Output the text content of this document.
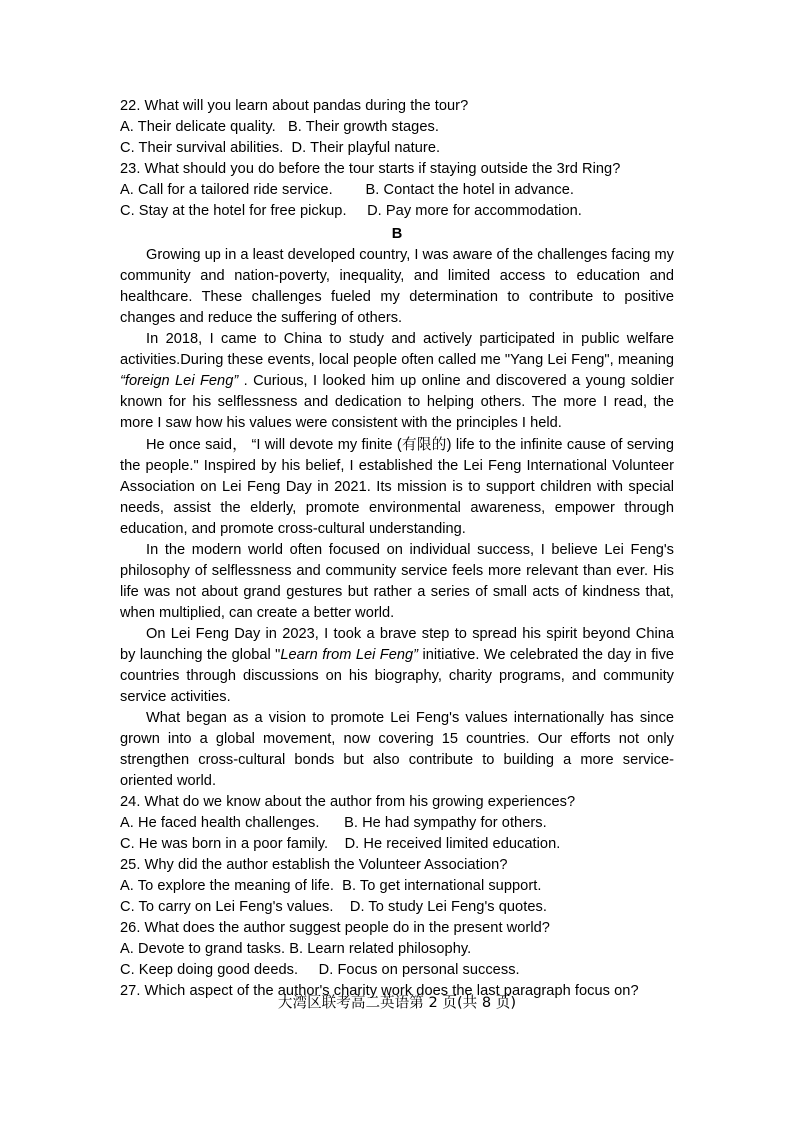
22. What will you learn about pandas during the tour?
A. Their delicate quality.   B. Their growth stages.
C. Their survival abilities.  D. Their playful nature.
23. What should you do before the tour starts if staying outside the 3rd Ring?
A. Call for a tailored ride service.        B. Contact the hotel in advance.
C. Stay at the hotel for free pickup.     D. Pay more for accommodation.
B

Growing up in a least developed country, I was aware of the challenges facing my community and nation-poverty, inequality, and limited access to education and healthcare. These challenges fueled my determination to contribute to positive changes and reduce the suffering of others.

In 2018, I came to China to study and actively participated in public welfare activities.During these events, local people often called me "Yang Lei Feng", meaning “foreign Lei Feng” . Curious, I looked him up online and discovered a young soldier known for his selflessness and dedication to helping others. The more I read, the more I saw how his values were consistent with the principles I held.

He once said， “I will devote my finite (有限的) life to the infinite cause of serving the people." Inspired by his belief, I established the Lei Feng International Volunteer Association on Lei Feng Day in 2021. Its mission is to support children with special needs, assist the elderly, promote environmental awareness, empower through education, and promote cross-cultural understanding.

In the modern world often focused on individual success, I believe Lei Feng's philosophy of selflessness and community service feels more relevant than ever. His life was not about grand gestures but rather a series of small acts of kindness that, when multiplied, can create a better world.

On Lei Feng Day in 2023, I took a brave step to spread his spirit beyond China by launching the global "Learn from Lei Feng” initiative. We celebrated the day in five countries through discussions on his biography, charity programs, and community service activities.

What began as a vision to promote Lei Feng's values internationally has since grown into a global movement, now covering 15 countries. Our efforts not only strengthen cross-cultural bonds but also contribute to building a more service-oriented world.

24. What do we know about the author from his growing experiences?
A. He faced health challenges.      B. He had sympathy for others.
C. He was born in a poor family.    D. He received limited education.
25. Why did the author establish the Volunteer Association?
A. To explore the meaning of life.  B. To get international support.
C. To carry on Lei Feng's values.    D. To study Lei Feng's quotes.
26. What does the author suggest people do in the present world?
A. Devote to grand tasks. B. Learn related philosophy.
C. Keep doing good deeds.     D. Focus on personal success.
27. Which aspect of the author's charity work does the last paragraph focus on?
大湾区联考高二英语第 2 页(共 8 页)
